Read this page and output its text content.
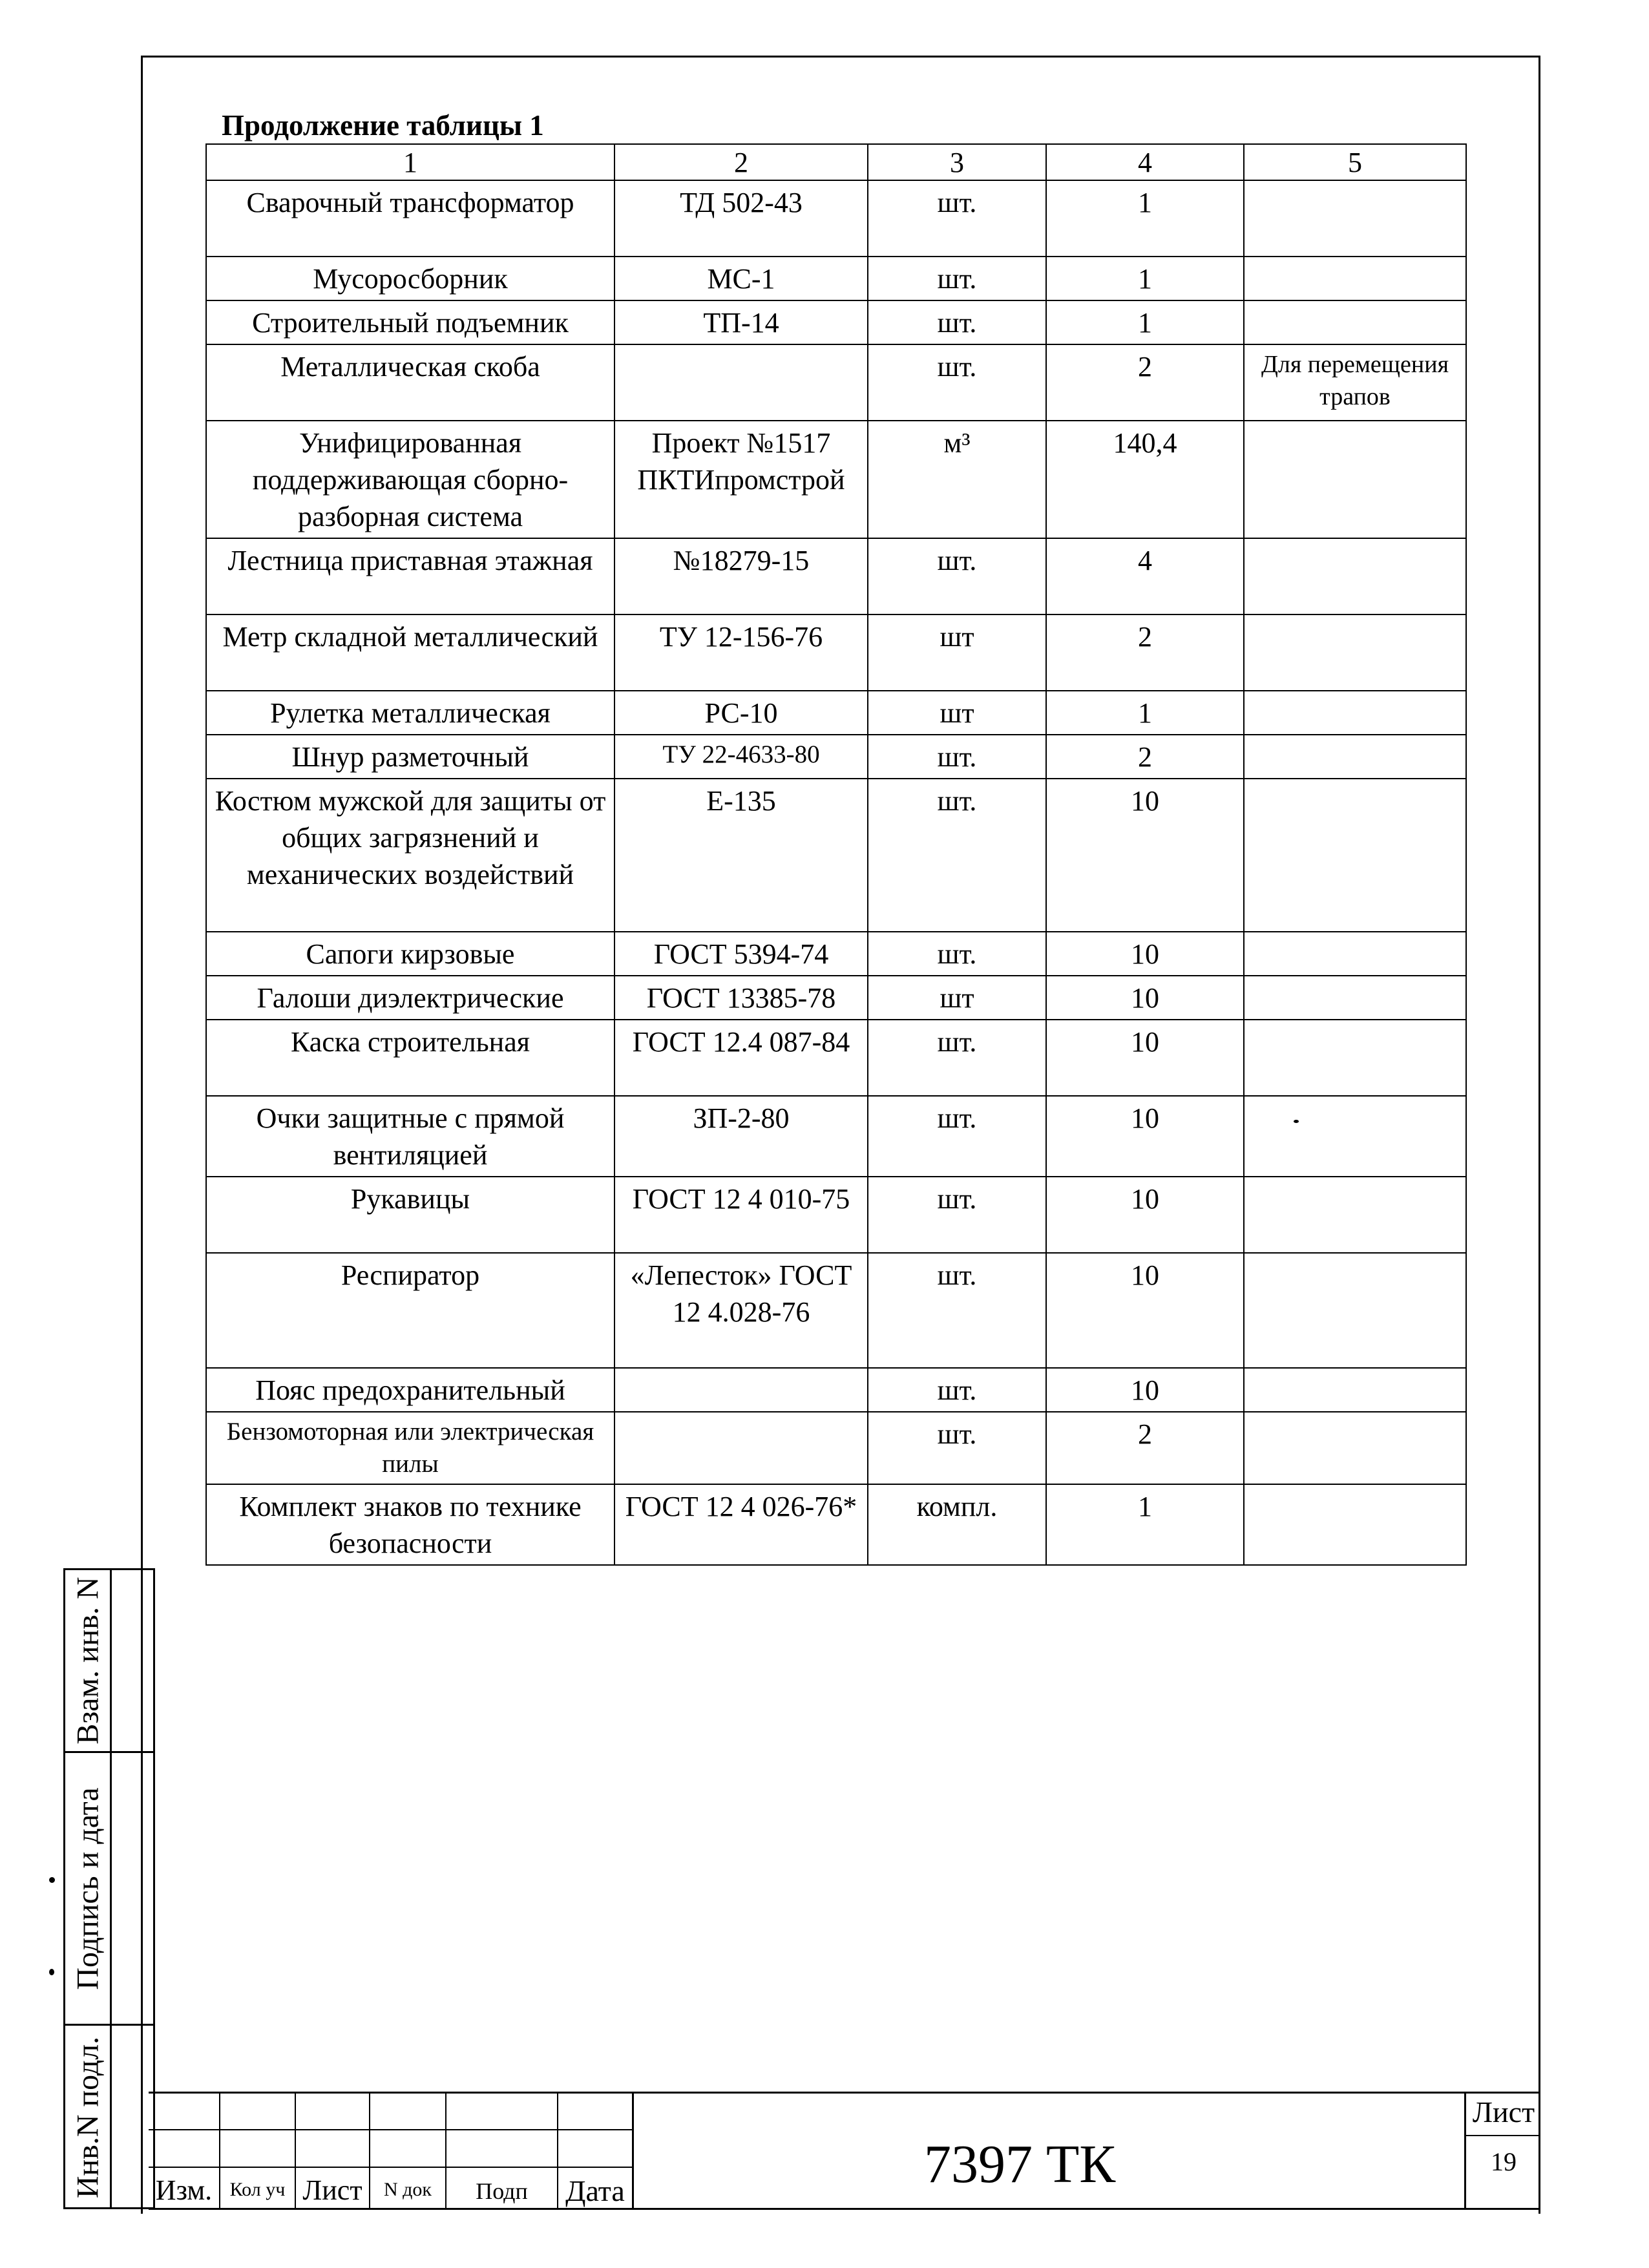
Продолжение таблицы 1
1	2	3	4	5
Сварочный трансформатор	ТД 502-43	шт.	1	
Мусоросборник	МС-1	шт.	1	
Строительный подъемник	ТП-14	шт.	1	
Металлическая скоба		шт.	2	Для перемещения трапов
Унифицированная поддерживающая сборно-разборная система	Проект №1517 ПКТИпромстрой	м³	140,4	
Лестница приставная этажная	№18279-15	шт.	4	
Метр складной металлический	ТУ 12-156-76	шт	2	
Рулетка металлическая	РС-10	шт	1	
Шнур разметочный	ТУ 22-4633-80	шт.	2	
Костюм мужской для защиты от общих загрязнений и механических воздействий	Е-135	шт.	10	
Сапоги кирзовые	ГОСТ 5394-74	шт.	10	
Галоши диэлектрические	ГОСТ 13385-78	шт	10	
Каска строительная	ГОСТ 12.4 087-84	шт.	10	
Очки защитные с прямой вентиляцией	ЗП-2-80	шт.	10	
Рукавицы	ГОСТ 12 4 010-75	шт.	10	
Респиратор	«Лепесток» ГОСТ 12 4.028-76	шт.	10	
Пояс предохранительный		шт.	10	
Бензомоторная или электрическая пилы		шт.	2	
Комплект знаков по технике безопасности	ГОСТ 12 4 026-76*	компл.	1	
Взам. инв. N
Подпись и дата
Инв.N подл. Изм. Кол уч Лист	N док	Подп	Дата	7397 ТК
Лист
19
